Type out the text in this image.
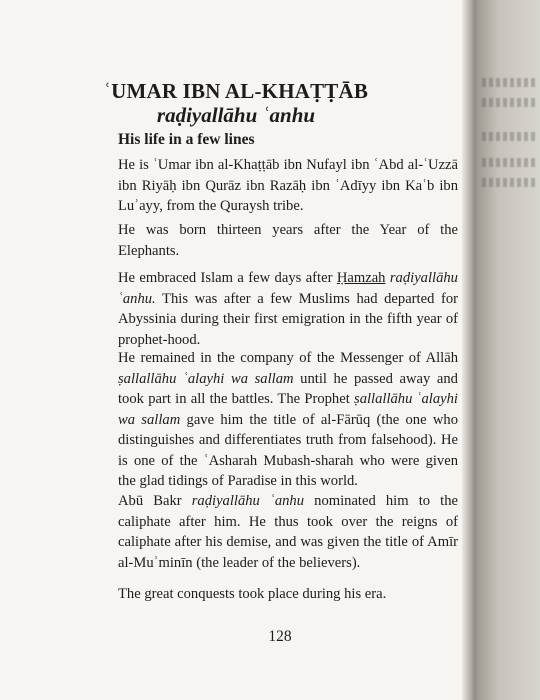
ʿUMAR IBN AL-KHAṬṬĀB
raḍiyallāhu ʿanhu
His life in a few lines

He is ʿUmar ibn al-Khaṭṭāb ibn Nufayl ibn ʿAbd al-ʿUzzā ibn Riyāḥ ibn Qurāz ibn Razāḥ ibn ʿAdīyy ibn Kaʿb ibn Luʾayy, from the Quraysh tribe.

He was born thirteen years after the Year of the Elephants.

He embraced Islam a few days after Ḥamzah raḍiyallāhu ʿanhu. This was after a few Muslims had departed for Abyssinia during their first emigration in the fifth year of prophet-hood.

He remained in the company of the Messenger of Allāh ṣallallāhu ʿalayhi wa sallam until he passed away and took part in all the battles. The Prophet ṣallallāhu ʿalayhi wa sallam gave him the title of al-Fārūq (the one who distinguishes and differentiates truth from falsehood). He is one of the ʿAsharah Mubash-sharah who were given the glad tidings of Paradise in this world.

Abū Bakr raḍiyallāhu ʿanhu nominated him to the caliphate after him. He thus took over the reigns of caliphate after his demise, and was given the title of Amīr al-Muʾminīn (the leader of the believers).

The great conquests took place during his era.

128
